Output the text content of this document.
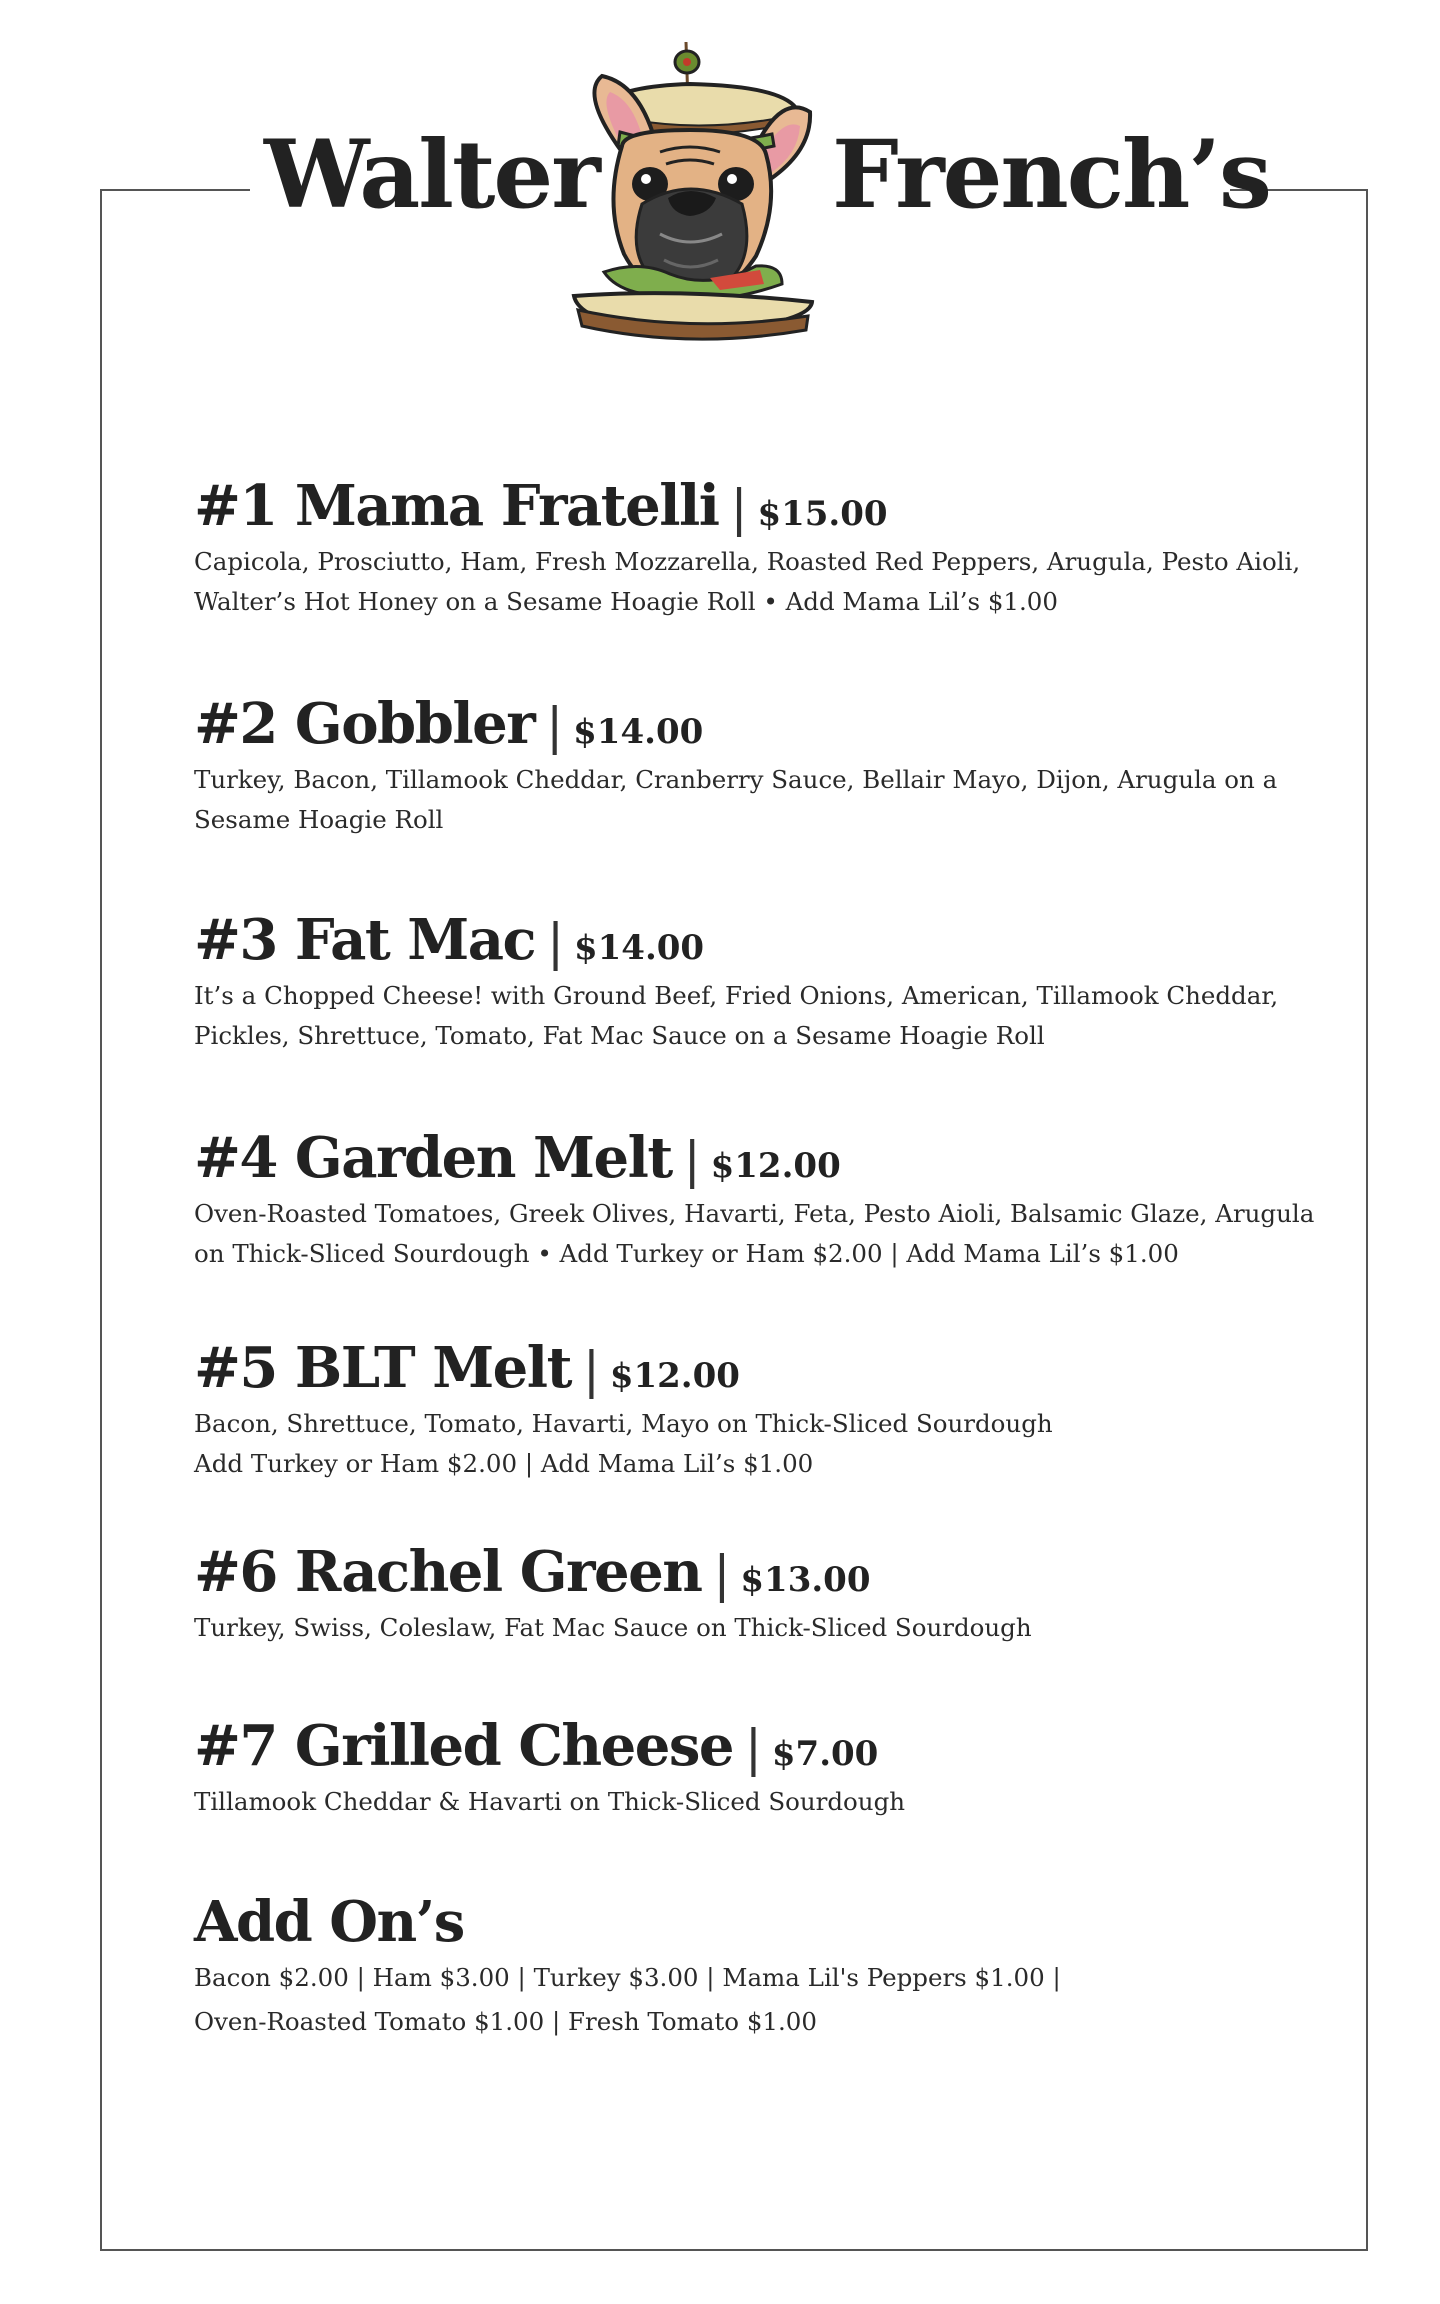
Walter French’s
#1 Mama Fratelli | $15.00
Capicola, Prosciutto, Ham, Fresh Mozzarella, Roasted Red Peppers, Arugula, Pesto Aioli,
Walter’s Hot Honey on a Sesame Hoagie Roll • Add Mama Lil’s $1.00
#2 Gobbler | $14.00
Turkey, Bacon, Tillamook Cheddar, Cranberry Sauce, Bellair Mayo, Dijon, Arugula on a
Sesame Hoagie Roll
#3 Fat Mac | $14.00
It’s a Chopped Cheese! with Ground Beef, Fried Onions, American, Tillamook Cheddar,
Pickles, Shrettuce, Tomato, Fat Mac Sauce on a Sesame Hoagie Roll
#4 Garden Melt | $12.00
Oven-Roasted Tomatoes, Greek Olives, Havarti, Feta, Pesto Aioli, Balsamic Glaze, Arugula
on Thick-Sliced Sourdough • Add Turkey or Ham $2.00 | Add Mama Lil’s $1.00
#5 BLT Melt | $12.00
Bacon, Shrettuce, Tomato, Havarti, Mayo on Thick-Sliced Sourdough
Add Turkey or Ham $2.00 | Add Mama Lil’s $1.00
#6 Rachel Green | $13.00
Turkey, Swiss, Coleslaw, Fat Mac Sauce on Thick-Sliced Sourdough
#7 Grilled Cheese | $7.00
Tillamook Cheddar & Havarti on Thick-Sliced Sourdough
Add On’s
Bacon $2.00 | Ham $3.00 | Turkey $3.00 | Mama Lil's Peppers $1.00 |
Oven-Roasted Tomato $1.00 | Fresh Tomato $1.00
